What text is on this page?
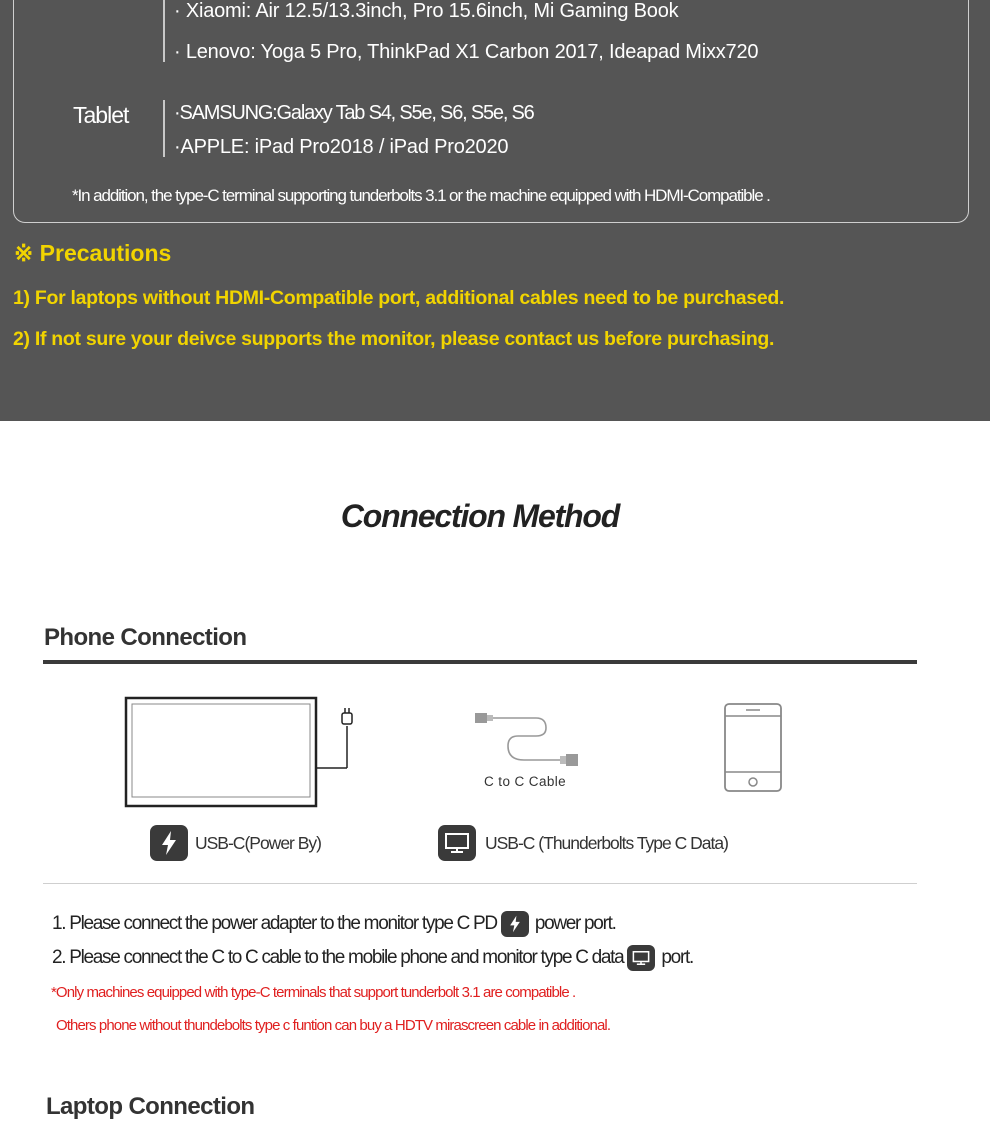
· Xiaomi: Air 12.5/13.3inch, Pro 15.6inch, Mi Gaming Book
· Lenovo: Yoga 5 Pro, ThinkPad X1 Carbon 2017, Ideapad Mixx720
Tablet ·SAMSUNG:Galaxy Tab S4, S5e, S6, S5e, S6
·APPLE: iPad Pro2018 / iPad Pro2020
*In addition, the type-C terminal supporting tunderbolts 3.1 or the machine equipped with HDMI-Compatible .
※ Precautions
1) For laptops without HDMI-Compatible port, additional cables need to be purchased.
2) If not sure your deivce supports the monitor, please contact us before purchasing.
Connection Method
Phone Connection
C to C Cable
USB-C(Power By)	USB-C (Thunderbolts Type C Data)
1. Please connect the power adapter to the monitor type C PD power port.
2. Please connect the C to C cable to the mobile phone and monitor type C data port.
*Only machines equipped with type-C terminals that support tunderbolt 3.1 are compatible .
Others phone without thundebolts type c funtion can buy a HDTV mirascreen cable in additional.
Laptop Connection
